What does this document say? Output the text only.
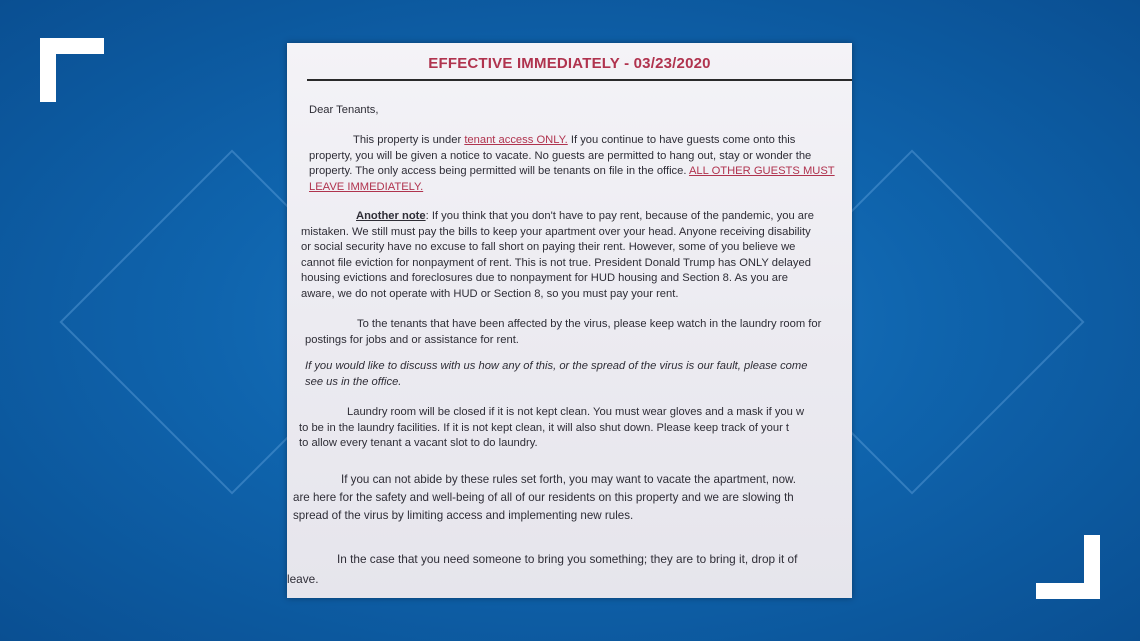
EFFECTIVE IMMEDIATELY - 03/23/2020
Dear Tenants,
This property is under tenant access ONLY. If you continue to have guests come onto this
property, you will be given a notice to vacate. No guests are permitted to hang out, stay or wonder the
property. The only access being permitted will be tenants on file in the office. ALL OTHER GUESTS MUST
LEAVE IMMEDIATELY.
Another note: If you think that you don't have to pay rent, because of the pandemic, you are
mistaken. We still must pay the bills to keep your apartment over your head. Anyone receiving disability
or social security have no excuse to fall short on paying their rent. However, some of you believe we
cannot file eviction for nonpayment of rent. This is not true. President Donald Trump has ONLY delayed
housing evictions and foreclosures due to nonpayment for HUD housing and Section 8. As you are
aware, we do not operate with HUD or Section 8, so you must pay your rent.
To the tenants that have been affected by the virus, please keep watch in the laundry room for
postings for jobs and or assistance for rent.
If you would like to discuss with us how any of this, or the spread of the virus is our fault, please come
see us in the office.
Laundry room will be closed if it is not kept clean. You must wear gloves and a mask if you w
to be in the laundry facilities. If it is not kept clean, it will also shut down. Please keep track of your t
to allow every tenant a vacant slot to do laundry.
If you can not abide by these rules set forth, you may want to vacate the apartment, now.
are here for the safety and well-being of all of our residents on this property and we are slowing th
spread of the virus by limiting access and implementing new rules.
In the case that you need someone to bring you something; they are to bring it, drop it of
leave.
